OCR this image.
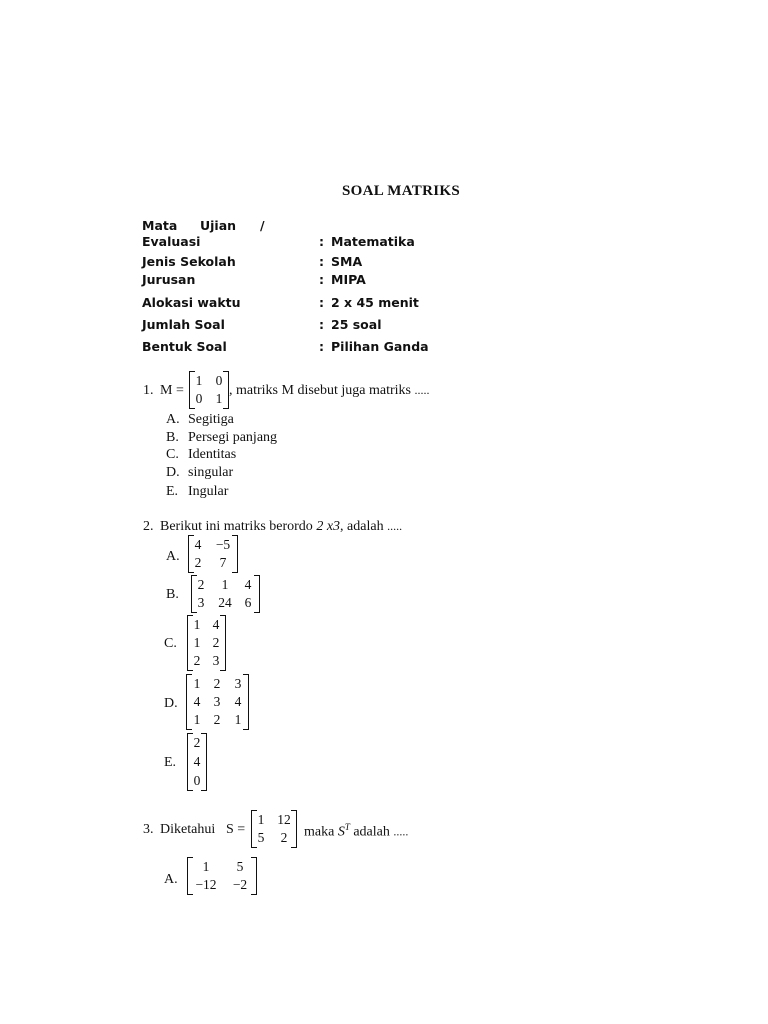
SOAL MATRIKS
Mata Ujian /
Evaluasi	: Matematika
Jenis Sekolah	: SMA
Jurusan	: MIPA
Alokasi waktu	: 2 x 45 menit
Jumlah Soal	: 25 soal
Bentuk Soal	: Pilihan Ganda
1. M =
1 0
0 1
, matriks M disebut juga matriks .....
A. Segitiga
B. Persegi panjang
C. Identitas
D. singular
E. Ingular
2. Berikut ini matriks berordo 2 x3, adalah .....
A.
4 −5
2	7
B.
2	1	4
3 24 6
C.
1 4
1 2
2 3
D.
1 2 3
4 3 4
1 2 1
E.
2
4
0
3. Diketahui S =
1 12
5	2	maka $S^T$ adalah .....
A.
1	5
−12	−2
